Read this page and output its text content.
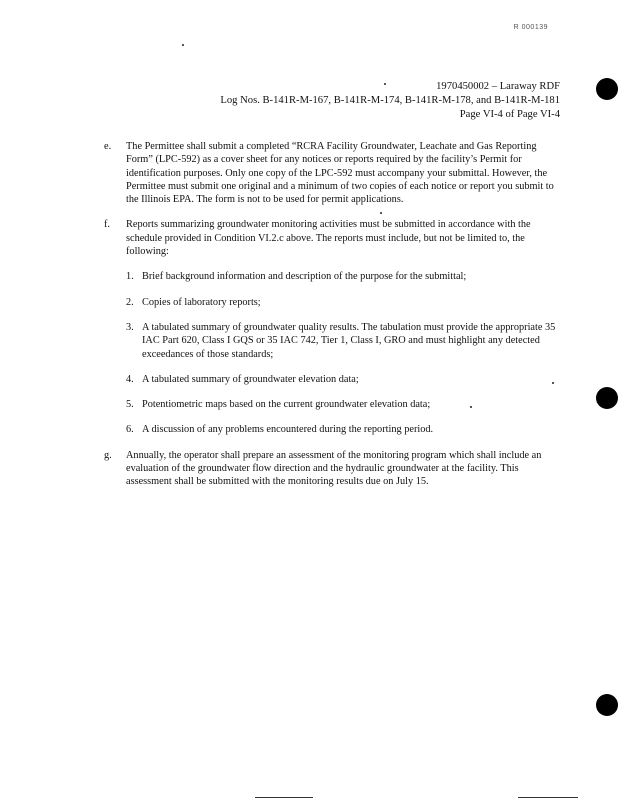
R 000139
1970450002 – Laraway RDF
Log Nos. B-141R-M-167, B-141R-M-174, B-141R-M-178, and B-141R-M-181
Page VI-4 of Page VI-4
e. The Permittee shall submit a completed “RCRA Facility Groundwater, Leachate and Gas Reporting Form” (LPC-592) as a cover sheet for any notices or reports required by the facility’s Permit for identification purposes. Only one copy of the LPC-592 must accompany your submittal. However, the Permittee must submit one original and a minimum of two copies of each notice or report you submit to the Illinois EPA. The form is not to be used for permit applications.
f. Reports summarizing groundwater monitoring activities must be submitted in accordance with the schedule provided in Condition VI.2.c above. The reports must include, but not be limited to, the following:
1. Brief background information and description of the purpose for the submittal;
2. Copies of laboratory reports;
3. A tabulated summary of groundwater quality results. The tabulation must provide the appropriate 35 IAC Part 620, Class I GQS or 35 IAC 742, Tier 1, Class I, GRO and must highlight any detected exceedances of those standards;
4. A tabulated summary of groundwater elevation data;
5. Potentiometric maps based on the current groundwater elevation data;
6. A discussion of any problems encountered during the reporting period.
g. Annually, the operator shall prepare an assessment of the monitoring program which shall include an evaluation of the groundwater flow direction and the hydraulic groundwater at the facility. This assessment shall be submitted with the monitoring results due on July 15.
